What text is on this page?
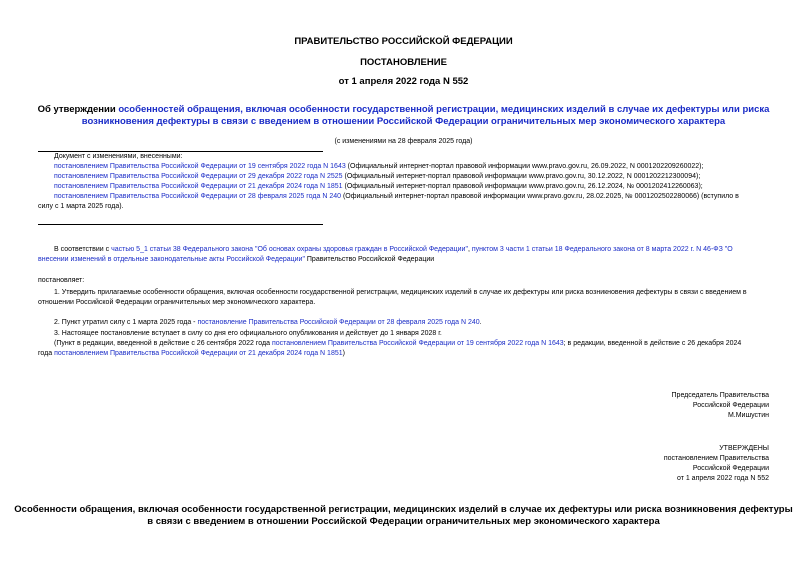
ПРАВИТЕЛЬСТВО РОССИЙСКОЙ ФЕДЕРАЦИИ
ПОСТАНОВЛЕНИЕ
от 1 апреля 2022 года N 552
Об утверждении особенностей обращения, включая особенности государственной регистрации, медицинских изделий в случае их дефектуры или риска
возникновения дефектуры в связи с введением в отношении Российской Федерации ограничительных мер экономического характера
(с изменениями на 28 февраля 2025 года)
Документ с изменениями, внесенными:
постановлением Правительства Российской Федерации от 19 сентября 2022 года N 1643 (Официальный интернет-портал правовой информации www.pravo.gov.ru, 26.09.2022, N 0001202209260022);
постановлением Правительства Российской Федерации от 29 декабря 2022 года N 2525 (Официальный интернет-портал правовой информации www.pravo.gov.ru, 30.12.2022, N 0001202212300094);
постановлением Правительства Российской Федерации от 21 декабря 2024 года N 1851 (Официальный интернет-портал правовой информации www.pravo.gov.ru, 26.12.2024, № 0001202412260063);
постановлением Правительства Российской Федерации от 28 февраля 2025 года N 240 (Официальный интернет-портал правовой информации www.pravo.gov.ru, 28.02.2025, № 0001202502280066) (вступило в
силу с 1 марта 2025 года).
В соответствии с частью 5_1 статьи 38 Федерального закона "Об основах охраны здоровья граждан в Российской Федерации", пунктом 3 части 1 статьи 18 Федерального закона от 8 марта 2022 г. N 46-ФЗ "О
внесении изменений в отдельные законодательные акты Российской Федерации" Правительство Российской Федерации
постановляет:
1. Утвердить прилагаемые особенности обращения, включая особенности государственной регистрации, медицинских изделий в случае их дефектуры или риска возникновения дефектуры в связи с введением в
отношении Российской Федерации ограничительных мер экономического характера.
2. Пункт утратил силу с 1 марта 2025 года - постановление Правительства Российской Федерации от 28 февраля 2025 года N 240.
3. Настоящее постановление вступает в силу со дня его официального опубликования и действует до 1 января 2028 г.
(Пункт в редакции, введенной в действие с 26 сентября 2022 года постановлением Правительства Российской Федерации от 19 сентября 2022 года N 1643; в редакции, введенной в действие с 26 декабря 2024
года постановлением Правительства Российской Федерации от 21 декабря 2024 года N 1851)
Председатель Правительства
Российской Федерации
М.Мишустин
УТВЕРЖДЕНЫ
постановлением Правительства
Российской Федерации
от 1 апреля 2022 года N 552
Особенности обращения, включая особенности государственной регистрации, медицинских изделий в случае их дефектуры или риска возникновения дефектуры
в связи с введением в отношении Российской Федерации ограничительных мер экономического характера
